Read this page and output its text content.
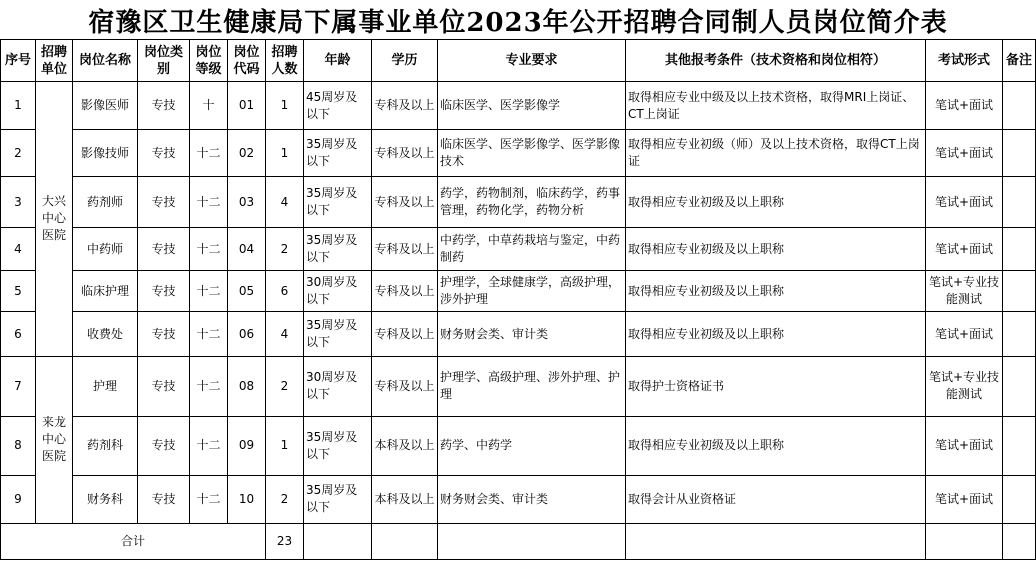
宿豫区卫生健康局下属事业单位2023年公开招聘合同制人员岗位简介表
序号	招聘单位	岗位名称	岗位类别	岗位等级	岗位代码	招聘人数	年龄	学历	专业要求	其他报考条件（技术资格和岗位相符）	考试形式	备注
1	大兴中心医院	影像医师	专技	十	01	1	45周岁及以下	专科及以上	临床医学、医学影像学	取得相应专业中级及以上技术资格，取得MRI上岗证、CT上岗证	笔试+面试	
2		影像技师	专技	十二	02	1	35周岁及以下	专科及以上	临床医学、医学影像学、医学影像技术	取得相应专业初级（师）及以上技术资格，取得CT上岗证	笔试+面试	
3		药剂师	专技	十二	03	4	35周岁及以下	专科及以上	药学，药物制剂，临床药学，药事管理，药物化学，药物分析	取得相应专业初级及以上职称	笔试+面试	
4		中药师	专技	十二	04	2	35周岁及以下	专科及以上	中药学，中草药栽培与鉴定，中药制药	取得相应专业初级及以上职称	笔试+面试	
5		临床护理	专技	十二	05	6	30周岁及以下	专科及以上	护理学，全球健康学，高级护理，涉外护理	取得相应专业初级及以上职称	笔试+专业技能测试	
6		收费处	专技	十二	06	4	35周岁及以下	专科及以上	财务财会类、审计类	取得相应专业初级及以上职称	笔试+面试	
7	来龙中心医院	护理	专技	十二	08	2	30周岁及以下	专科及以上	护理学、高级护理、涉外护理、护理	取得护士资格证书	笔试+专业技能测试	
8		药剂科	专技	十二	09	1	35周岁及以下	本科及以上	药学、中药学	取得相应专业初级及以上职称	笔试+面试	
9		财务科	专技	十二	10	2	35周岁及以下	本科及以上	财务财会类、审计类	取得会计从业资格证	笔试+面试	
合计						23						
